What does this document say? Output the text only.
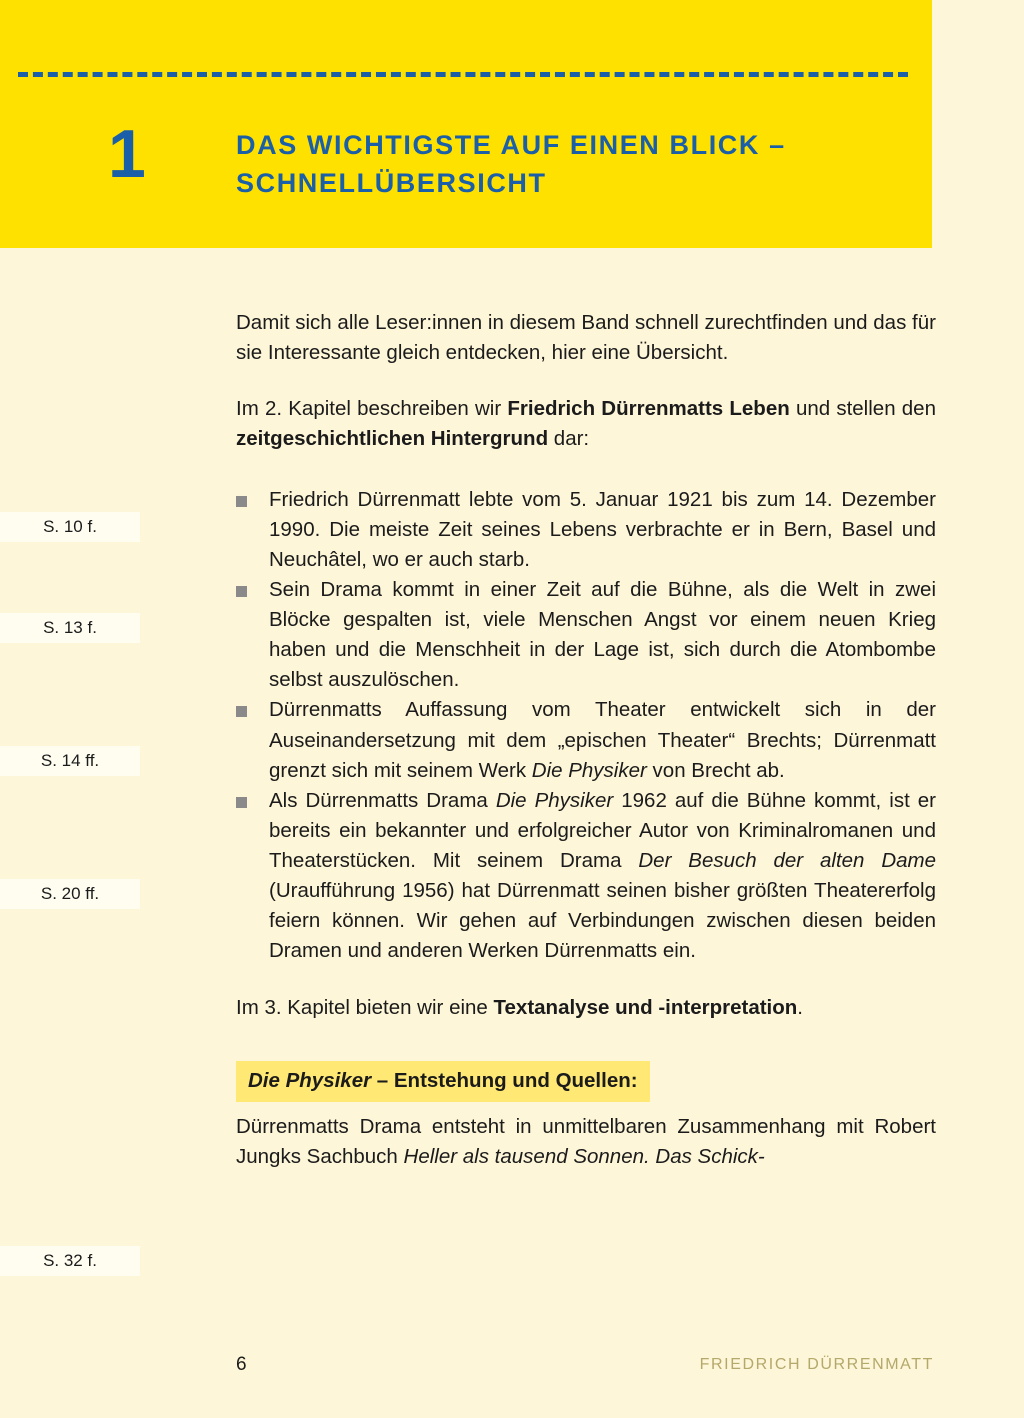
1	DAS WICHTIGSTE AUF EINEN BLICK – SCHNELLÜBERSICHT
S. 10 f.
S. 13 f.
S. 14 ff.
S. 20 ff.
S. 32 f.

Damit sich alle Leser:innen in diesem Band schnell zurechtfinden und das für sie Interessante gleich entdecken, hier eine Übersicht.

Im 2. Kapitel beschreiben wir Friedrich Dürrenmatts Leben und stellen den zeitgeschichtlichen Hintergrund dar:

Friedrich Dürrenmatt lebte vom 5. Januar 1921 bis zum 14. Dezember 1990. Die meiste Zeit seines Lebens verbrachte er in Bern, Basel und Neuchâtel, wo er auch starb.
Sein Drama kommt in einer Zeit auf die Bühne, als die Welt in zwei Blöcke gespalten ist, viele Menschen Angst vor einem neuen Krieg haben und die Menschheit in der Lage ist, sich durch die Atombombe selbst auszulöschen.
Dürrenmatts Auffassung vom Theater entwickelt sich in der Auseinandersetzung mit dem „epischen Theater“ Brechts; Dürrenmatt grenzt sich mit seinem Werk Die Physiker von Brecht ab.
Als Dürrenmatts Drama Die Physiker 1962 auf die Bühne kommt, ist er bereits ein bekannter und erfolgreicher Autor von Kriminalromanen und Theaterstücken. Mit seinem Drama Der Besuch der alten Dame (Uraufführung 1956) hat Dürrenmatt seinen bisher größten Theatererfolg feiern können. Wir gehen auf Verbindungen zwischen diesen beiden Dramen und anderen Werken Dürrenmatts ein.

Im 3. Kapitel bieten wir eine Textanalyse und -interpretation.

Die Physiker – Entstehung und Quellen:

Dürrenmatts Drama entsteht in unmittelbaren Zusammenhang mit Robert Jungks Sachbuch Heller als tausend Sonnen. Das Schick-

6	FRIEDRICH DÜRRENMATT
